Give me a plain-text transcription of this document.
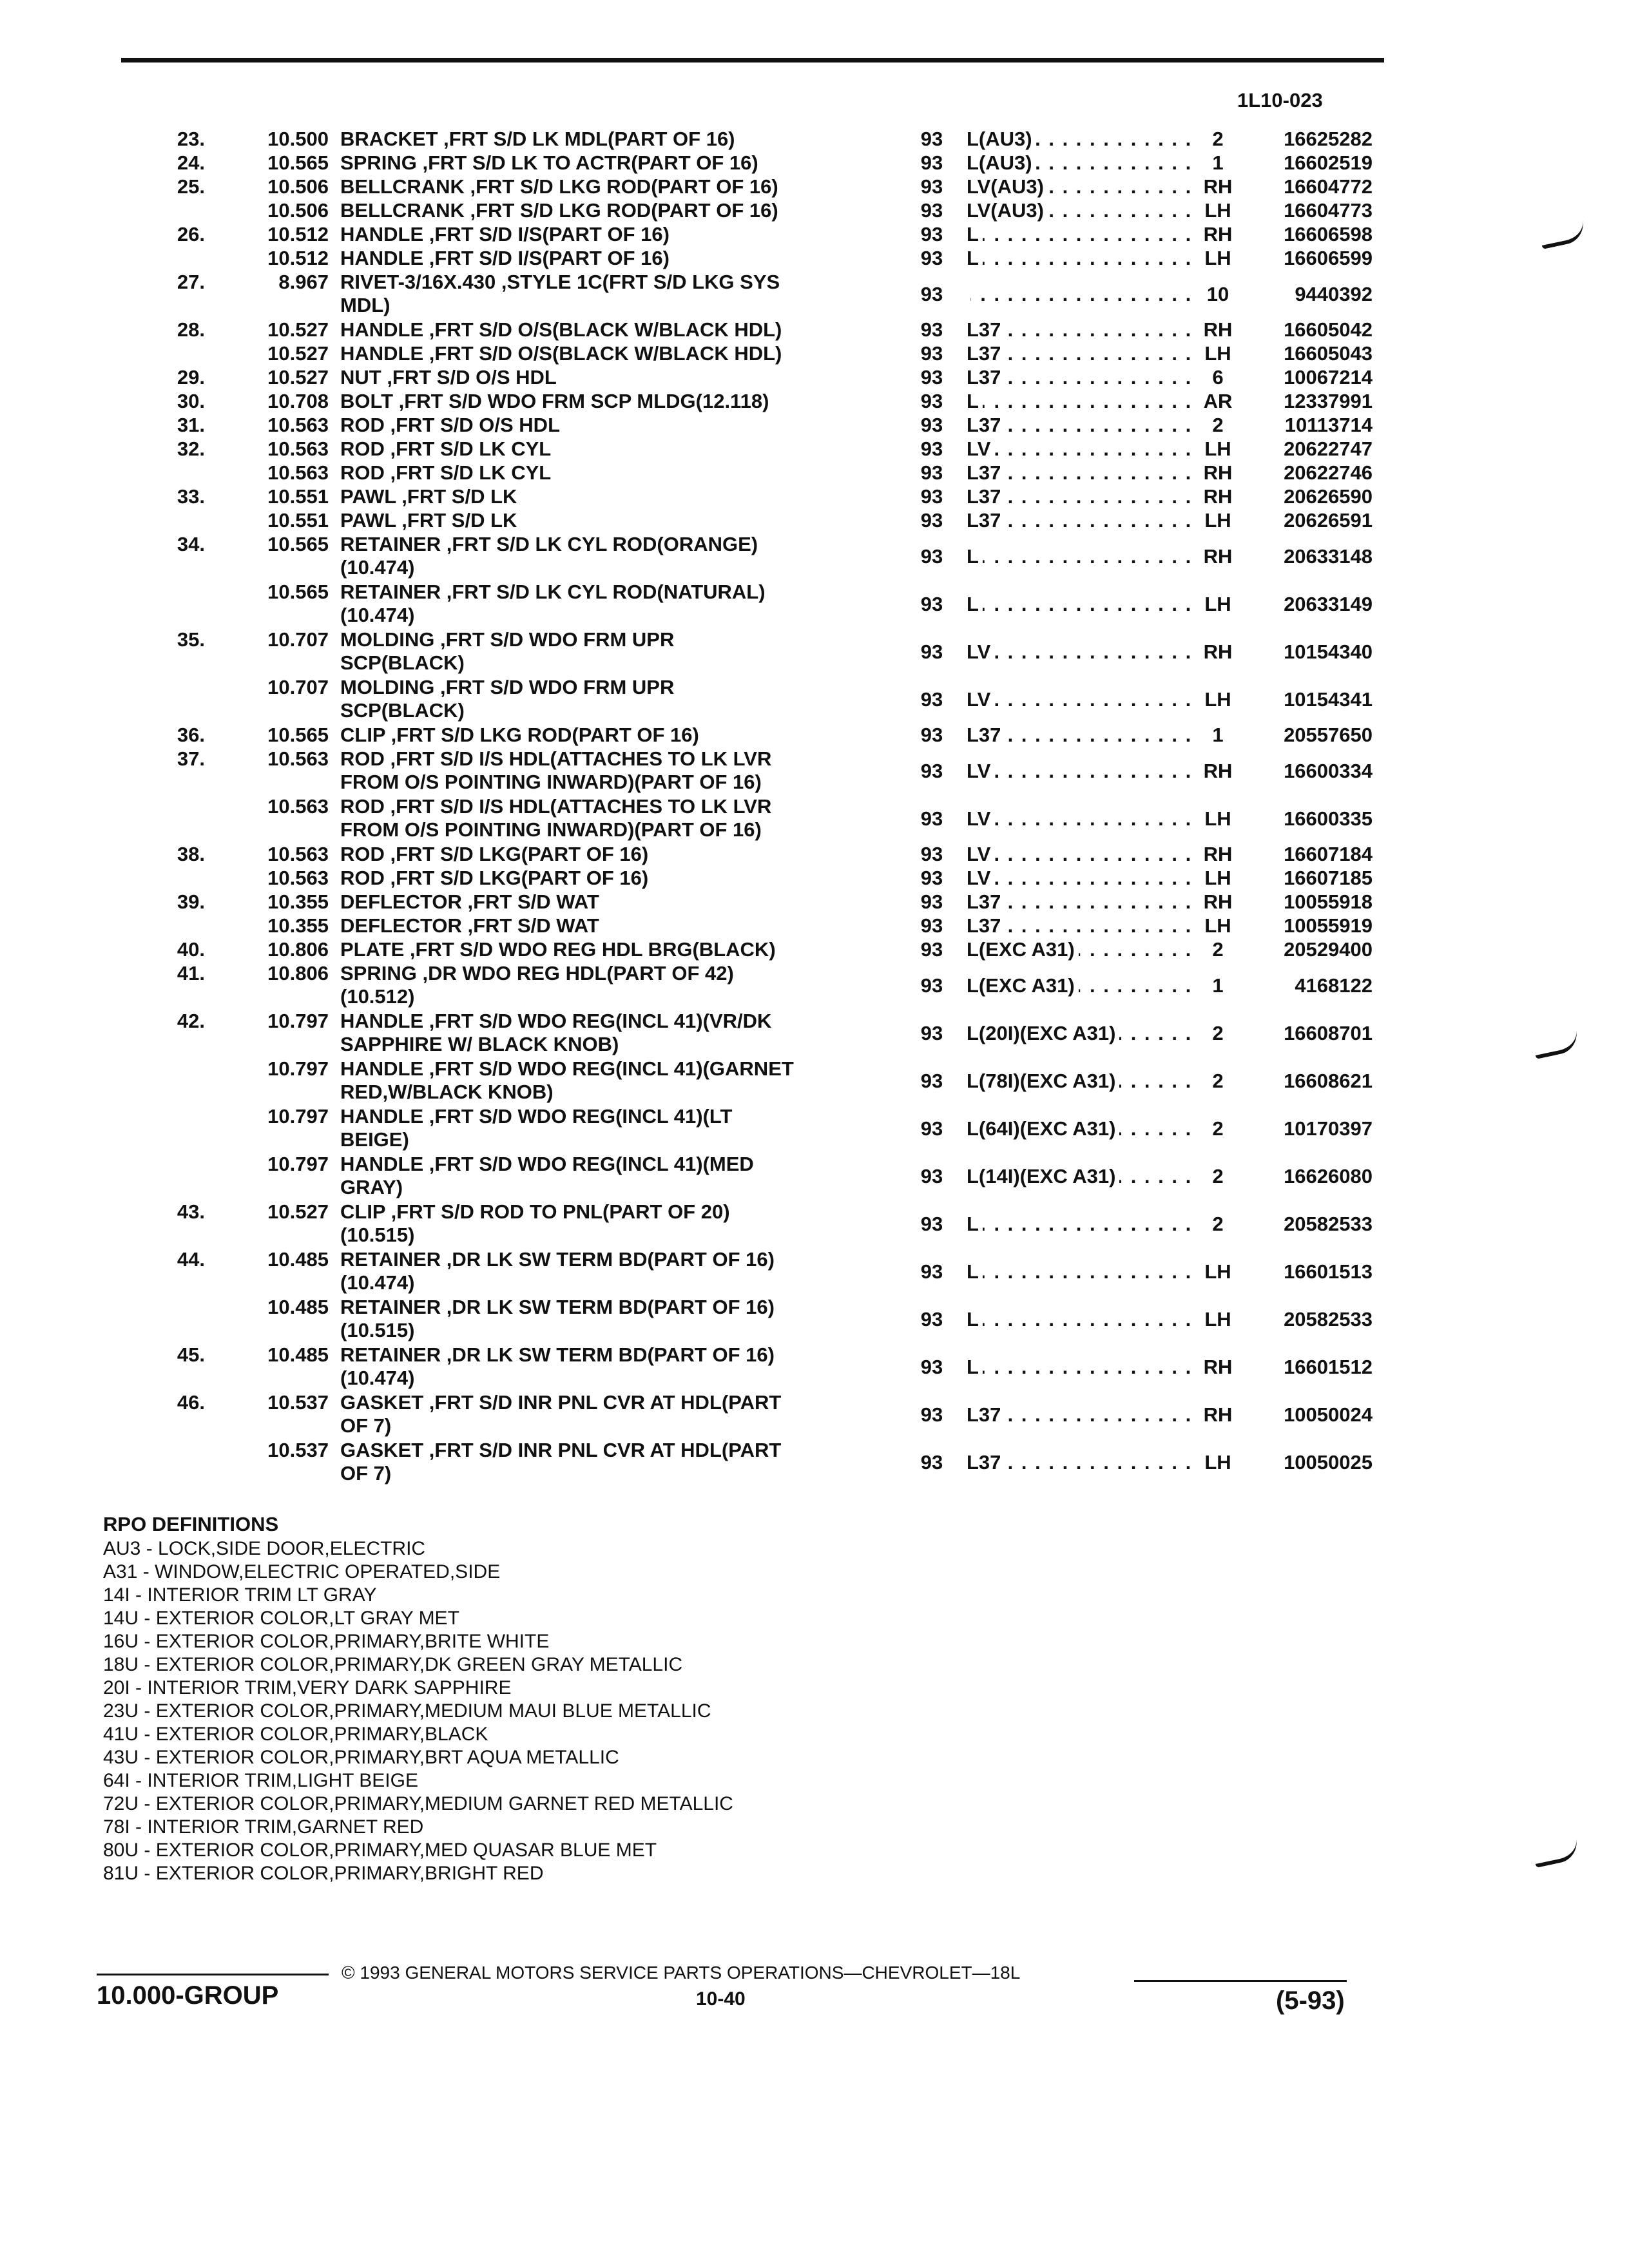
1L10-023
23.	10.500 BRACKET ,FRT S/D LK MDL(PART OF 16)	93 L(AU3) . . .	2	16625282
24.	10.565 SPRING ,FRT S/D LK TO ACTR(PART OF 16)	93 L(AU3) . . .	1	16602519
25.	10.506 BELLCRANK ,FRT S/D LKG ROD(PART OF 16)	93 LV(AU3) . . .	RH	16604772
10.506 BELLCRANK ,FRT S/D LKG ROD(PART OF 16)	93 LV(AU3) . . .	LH	16604773
26.	10.512 HANDLE ,FRT S/D I/S(PART OF 16)	93 L . . .	RH	16606598
10.512 HANDLE ,FRT S/D I/S(PART OF 16)	93 L . . .	LH	16606599
27.	8.967 RIVET-3/16X.430 ,STYLE 1C(FRT S/D LKG SYS
MDL)	93
. . .	10	9440392
28.	10.527 HANDLE ,FRT S/D O/S(BLACK W/BLACK HDL)	93 L37 . . .	RH	16605042
10.527 HANDLE ,FRT S/D O/S(BLACK W/BLACK HDL)	93 L37 . . .	LH	16605043
29.	10.527 NUT ,FRT S/D O/S HDL	93 L37 . . .	6	10067214
30.	10.708 BOLT ,FRT S/D WDO FRM SCP MLDG(12.118)	93 L . . .	AR	12337991
31.	10.563 ROD ,FRT S/D O/S HDL	93 L37 . . .	2	10113714
32.	10.563 ROD ,FRT S/D LK CYL	93 LV . . .	LH	20622747
10.563 ROD ,FRT S/D LK CYL	93 L37 . . .	RH	20622746
33.	10.551 PAWL ,FRT S/D LK	93 L37 . . .	RH	20626590
10.551 PAWL ,FRT S/D LK	93 L37 . . .	LH	20626591
34.	10.565 RETAINER ,FRT S/D LK CYL ROD(ORANGE)
(10.474)	93 L . . .	RH	20633148
10.565 RETAINER ,FRT S/D LK CYL ROD(NATURAL)
(10.474)	93 L . . .	LH	20633149
35.	10.707 MOLDING ,FRT S/D WDO FRM UPR
SCP(BLACK)	93 LV . . .	RH	10154340
10.707 MOLDING ,FRT S/D WDO FRM UPR
SCP(BLACK)	93 LV . . .	LH	10154341
36.	10.565 CLIP ,FRT S/D LKG ROD(PART OF 16)	93 L37 . . .	1	20557650
37.	10.563 ROD ,FRT S/D I/S HDL(ATTACHES TO LK LVR
FROM O/S POINTING INWARD)(PART OF 16)	93 LV . . .	RH	16600334
10.563 ROD ,FRT S/D I/S HDL(ATTACHES TO LK LVR
FROM O/S POINTING INWARD)(PART OF 16)	93 LV . . .	LH	16600335
38.	10.563 ROD ,FRT S/D LKG(PART OF 16)	93 LV . . .	RH	16607184
10.563 ROD ,FRT S/D LKG(PART OF 16)	93 LV . . .	LH	16607185
39.	10.355 DEFLECTOR ,FRT S/D WAT	93 L37 . . .	RH	10055918
10.355 DEFLECTOR ,FRT S/D WAT	93 L37 . . .	LH	10055919
40.	10.806 PLATE ,FRT S/D WDO REG HDL BRG(BLACK)	93 L(EXC A31) . . .	2	20529400
41.	10.806 SPRING ,DR WDO REG HDL(PART OF 42)
(10.512)	93 L(EXC A31) . . .	1	4168122
42.	10.797 HANDLE ,FRT S/D WDO REG(INCL 41)(VR/DK
SAPPHIRE W/ BLACK KNOB)	93 L(20I)(EXC A31) . . .	2	16608701
10.797 HANDLE ,FRT S/D WDO REG(INCL 41)(GARNET
RED,W/BLACK KNOB)	93 L(78I)(EXC A31) . . .	2	16608621
10.797 HANDLE ,FRT S/D WDO REG(INCL 41)(LT
BEIGE)	93 L(64I)(EXC A31) . . .	2	10170397
10.797 HANDLE ,FRT S/D WDO REG(INCL 41)(MED
GRAY)	93 L(14I)(EXC A31) . . .	2	16626080
43.	10.527 CLIP ,FRT S/D ROD TO PNL(PART OF 20)
(10.515)	93 L . . .	2	20582533
44.	10.485 RETAINER ,DR LK SW TERM BD(PART OF 16)
(10.474)	93 L . . .	LH	16601513
10.485 RETAINER ,DR LK SW TERM BD(PART OF 16)
(10.515)	93 L . . .	LH	20582533
45.	10.485 RETAINER ,DR LK SW TERM BD(PART OF 16)
(10.474)	93 L . . .	RH	16601512
46.	10.537 GASKET ,FRT S/D INR PNL CVR AT HDL(PART
OF 7)	93 L37 . . .	RH	10050024
10.537 GASKET ,FRT S/D INR PNL CVR AT HDL(PART
OF 7)	93 L37 . . .	LH	10050025
RPO DEFINITIONS
AU3 - LOCK,SIDE DOOR,ELECTRIC
A31 - WINDOW,ELECTRIC OPERATED,SIDE
14I - INTERIOR TRIM LT GRAY
14U - EXTERIOR COLOR,LT GRAY MET
16U - EXTERIOR COLOR,PRIMARY,BRITE WHITE
18U - EXTERIOR COLOR,PRIMARY,DK GREEN GRAY METALLIC
20I - INTERIOR TRIM,VERY DARK SAPPHIRE
23U - EXTERIOR COLOR,PRIMARY,MEDIUM MAUI BLUE METALLIC
41U - EXTERIOR COLOR,PRIMARY,BLACK
43U - EXTERIOR COLOR,PRIMARY,BRT AQUA METALLIC
64I - INTERIOR TRIM,LIGHT BEIGE
72U - EXTERIOR COLOR,PRIMARY,MEDIUM GARNET RED METALLIC
78I - INTERIOR TRIM,GARNET RED
80U - EXTERIOR COLOR,PRIMARY,MED QUASAR BLUE MET
81U - EXTERIOR COLOR,PRIMARY,BRIGHT RED
© 1993 GENERAL MOTORS SERVICE PARTS OPERATIONS—CHEVROLET—18L
10.000-GROUP	10-40	(5-93)
